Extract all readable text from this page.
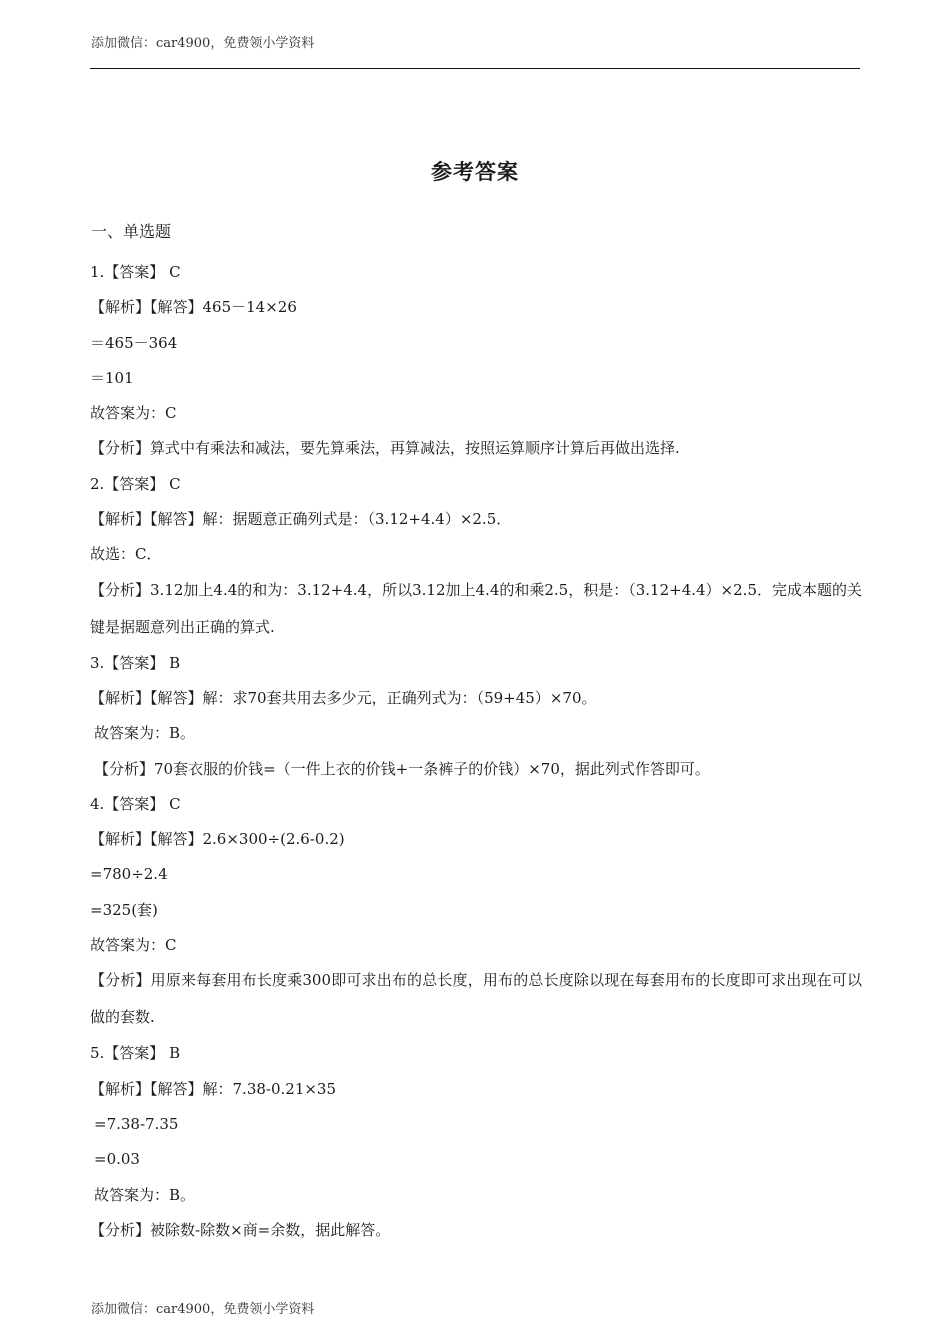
添加微信：car4900，免费领小学资料
参考答案
一、单选题
1.【答案】 C
【解析】【解答】465－14×26
＝465－364
＝101
故答案为：C
【分析】算式中有乘法和减法，要先算乘法，再算减法，按照运算顺序计算后再做出选择.
2.【答案】 C
【解析】【解答】解：据题意正确列式是：（3.12+4.4）×2.5．
故选：C．
【分析】3.12加上4.4的和为：3.12+4.4，所以3.12加上4.4的和乘2.5，积是：（3.12+4.4）×2.5．完成本题的关键是据题意列出正确的算式.
3.【答案】 B
【解析】【解答】解：求70套共用去多少元，正确列式为：（59+45）×70。
故答案为：B。
【分析】70套衣服的价钱=（一件上衣的价钱+一条裤子的价钱）×70，据此列式作答即可。
4.【答案】 C
【解析】【解答】2.6×300÷(2.6-0.2)
=780÷2.4
=325(套)
故答案为：C
【分析】用原来每套用布长度乘300即可求出布的总长度，用布的总长度除以现在每套用布的长度即可求出现在可以做的套数.
5.【答案】 B
【解析】【解答】解：7.38-0.21×35
=7.38-7.35
=0.03
故答案为：B。
【分析】被除数-除数×商=余数，据此解答。
添加微信：car4900，免费领小学资料
